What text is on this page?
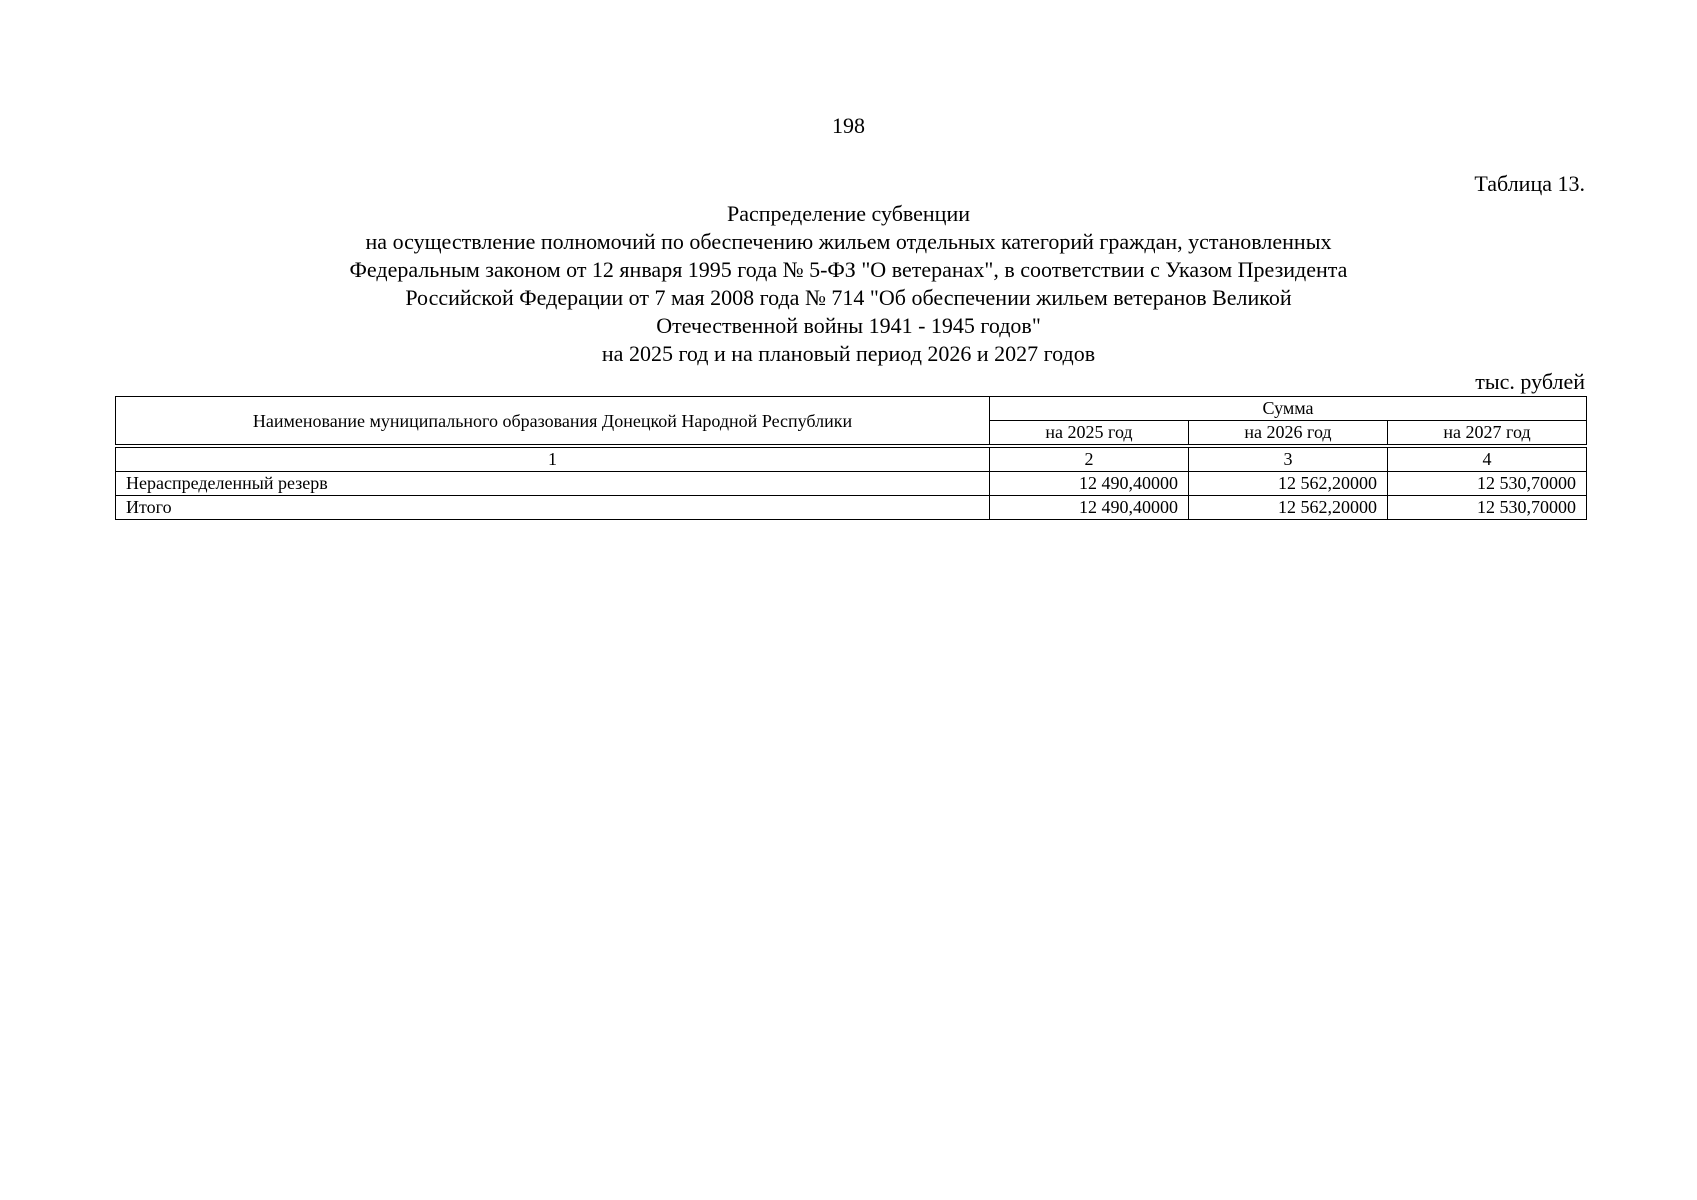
198
Таблица 13.
Распределение субвенции
на осуществление полномочий по обеспечению жильем отдельных категорий граждан, установленных
Федеральным законом от 12 января 1995 года № 5-ФЗ "О ветеранах", в соответствии с Указом Президента
Российской Федерации от 7 мая 2008 года № 714 "Об обеспечении жильем ветеранов Великой
Отечественной войны 1941 - 1945 годов"
на 2025 год и на плановый период 2026 и 2027 годов
тыс. рублей
Наименование муниципального образования Донецкой Народной Республики	Сумма		
	на 2025 год	на 2026 год	на 2027 год
1	2	3	4
Нераспределенный резерв	12 490,40000	12 562,20000	12 530,70000
Итого	12 490,40000	12 562,20000	12 530,70000
